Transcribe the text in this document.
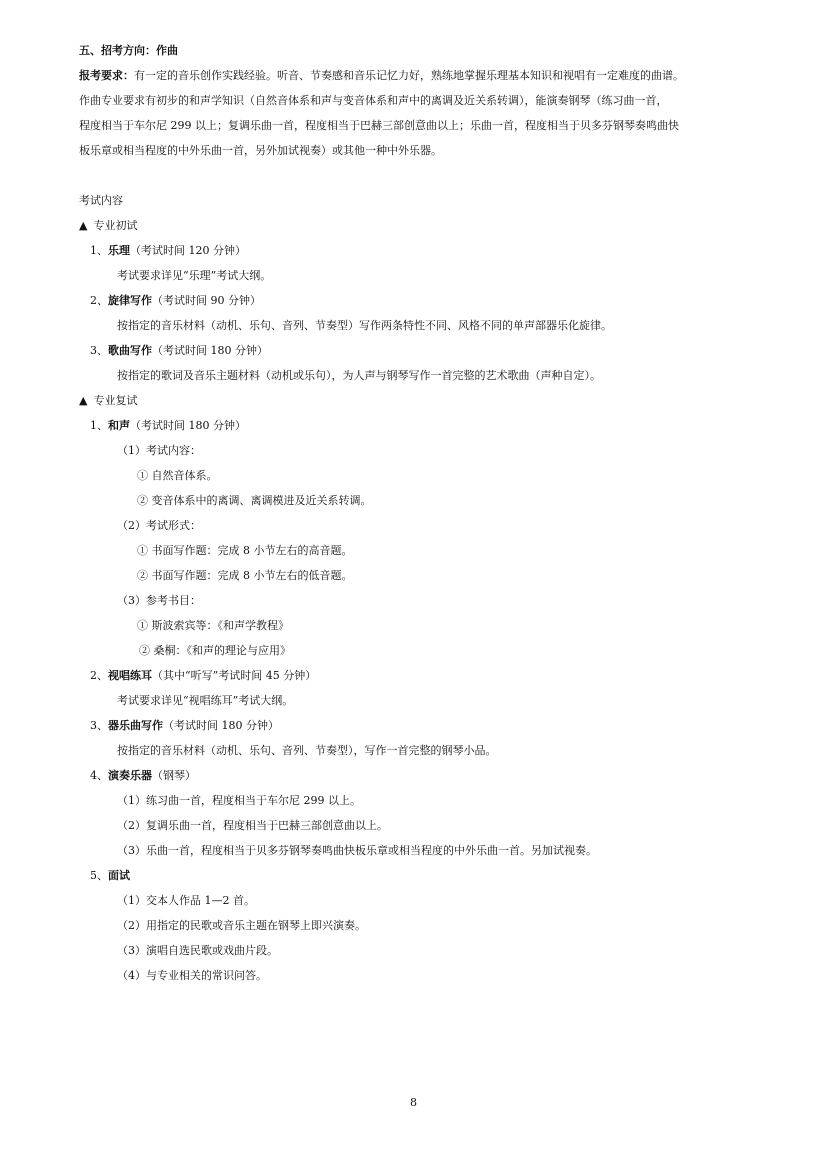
五、招考方向：作曲
报考要求：有一定的音乐创作实践经验。听音、节奏感和音乐记忆力好，熟练地掌握乐理基本知识和视唱有一定难度的曲谱。
作曲专业要求有初步的和声学知识（自然音体系和声与变音体系和声中的离调及近关系转调），能演奏钢琴（练习曲一首，
程度相当于车尔尼 299 以上；复调乐曲一首，程度相当于巴赫三部创意曲以上；乐曲一首，程度相当于贝多芬钢琴奏鸣曲快
板乐章或相当程度的中外乐曲一首，另外加试视奏）或其他一种中外乐器。
考试内容
▲ 专业初试
1、乐理（考试时间 120 分钟）
考试要求详见“乐理”考试大纲。
2、旋律写作（考试时间 90 分钟）
按指定的音乐材料（动机、乐句、音列、节奏型）写作两条特性不同、风格不同的单声部器乐化旋律。
3、歌曲写作（考试时间 180 分钟）
按指定的歌词及音乐主题材料（动机或乐句），为人声与钢琴写作一首完整的艺术歌曲（声种自定）。
▲ 专业复试
1、和声（考试时间 180 分钟）
（1）考试内容：
① 自然音体系。
② 变音体系中的离调、离调模进及近关系转调。
（2）考试形式：
① 书面写作题：完成 8 小节左右的高音题。
② 书面写作题：完成 8 小节左右的低音题。
（3）参考书目：
① 斯波索宾等：《和声学教程》
② 桑桐：《和声的理论与应用》
2、视唱练耳（其中“听写”考试时间 45 分钟）
考试要求详见“视唱练耳”考试大纲。
3、器乐曲写作（考试时间 180 分钟）
按指定的音乐材料（动机、乐句、音列、节奏型），写作一首完整的钢琴小品。
4、演奏乐器（钢琴）
（1）练习曲一首，程度相当于车尔尼 299 以上。
（2）复调乐曲一首，程度相当于巴赫三部创意曲以上。
（3）乐曲一首，程度相当于贝多芬钢琴奏鸣曲快板乐章或相当程度的中外乐曲一首。另加试视奏。
5、面试
（1）交本人作品 1—2 首。
（2）用指定的民歌或音乐主题在钢琴上即兴演奏。
（3）演唱自选民歌或戏曲片段。
（4）与专业相关的常识问答。
8
